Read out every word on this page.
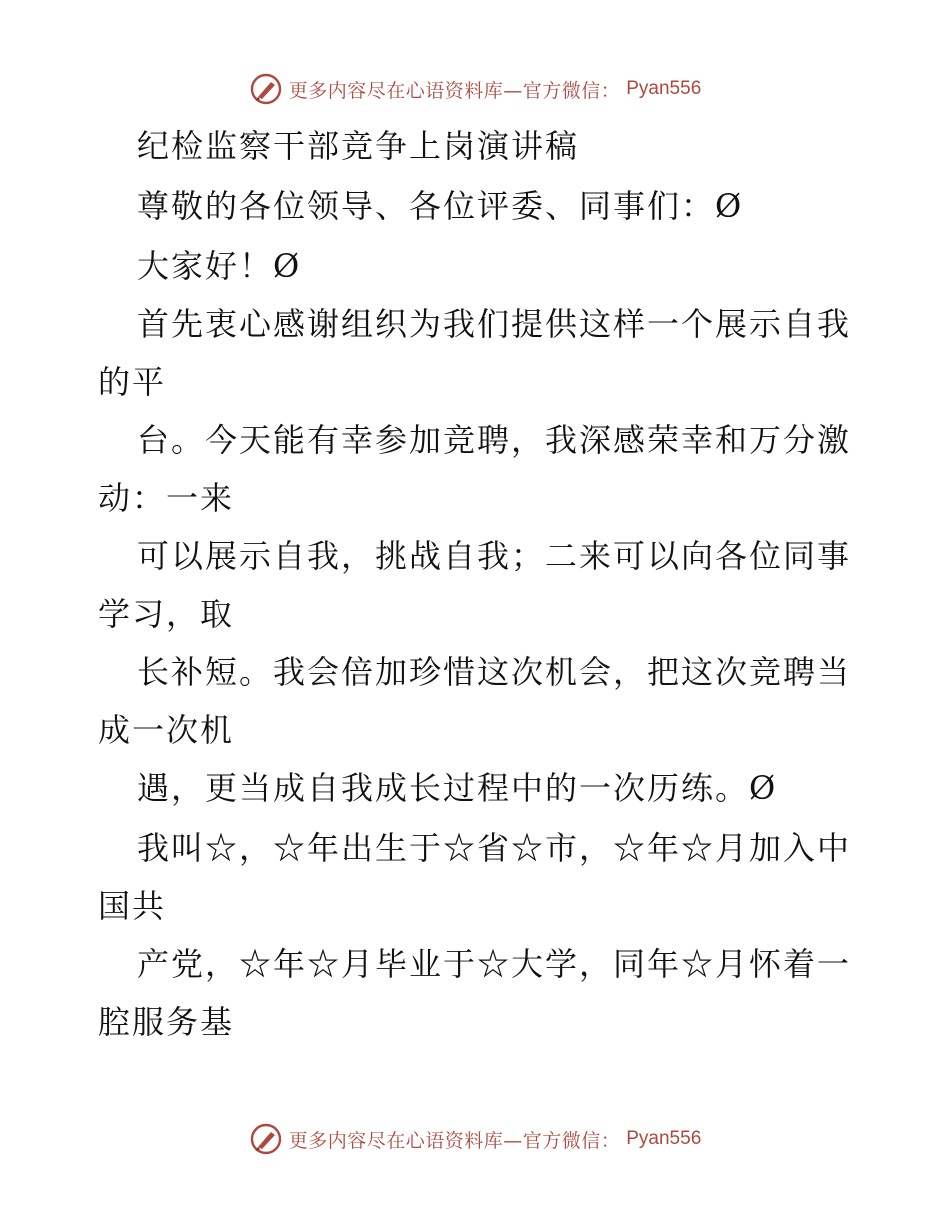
更多内容尽在心语资料库—官方微信： Pyan556
纪检监察干部竞争上岗演讲稿
尊敬的各位领导、各位评委、同事们：Ø
大家好！Ø
首先衷心感谢组织为我们提供这样一个展示自我
的平
台。今天能有幸参加竞聘，我深感荣幸和万分激
动：一来
可以展示自我，挑战自我；二来可以向各位同事
学习，取
长补短。我会倍加珍惜这次机会，把这次竞聘当
成一次机
遇，更当成自我成长过程中的一次历练。Ø
我叫☆，☆年出生于☆省☆市，☆年☆月加入中
国共
产党，☆年☆月毕业于☆大学，同年☆月怀着一
腔服务基
更多内容尽在心语资料库—官方微信： Pyan556
